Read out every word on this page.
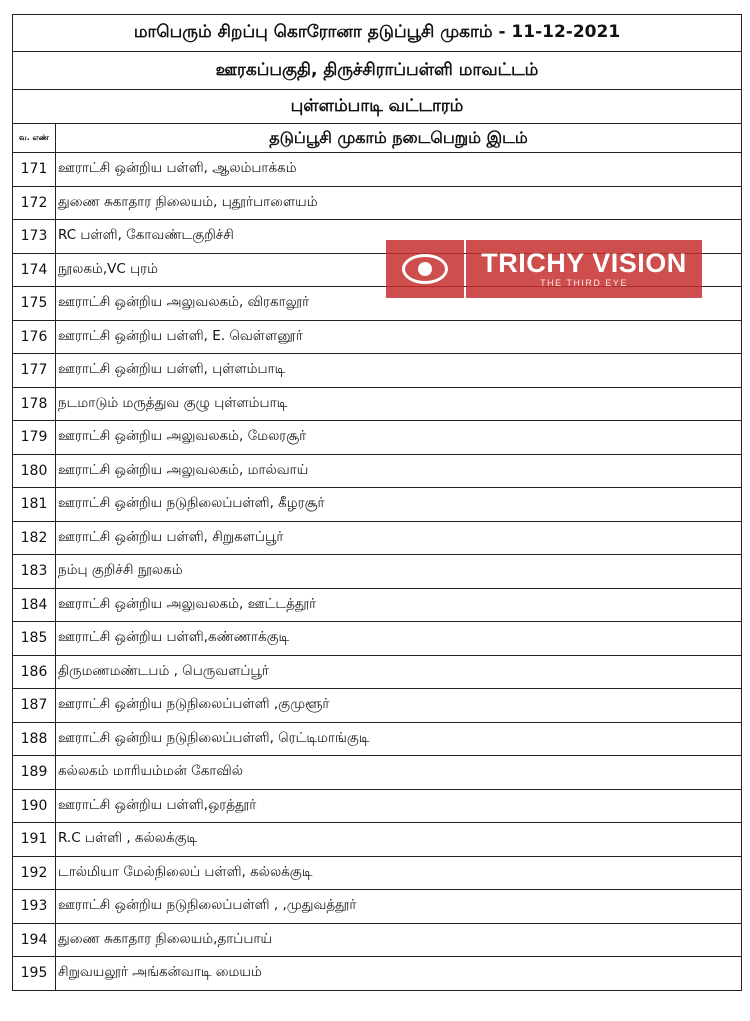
மாபெரும் சிறப்பு கொரோனா தடுப்பூசி முகாம் - 11-12-2021
ஊரகப்பகுதி, திருச்சிராப்பள்ளி மாவட்டம்
புள்ளம்பாடி வட்டாரம்
வ. எண்	தடுப்பூசி முகாம் நடைபெறும் இடம்
171	ஊராட்சி ஒன்றிய பள்ளி, ஆலம்பாக்கம்
172	துணை சுகாதார நிலையம், புதூர்பாளையம்
173	RC பள்ளி, கோவண்டகுறிச்சி
174	நூலகம்,VC புரம்
175	ஊராட்சி ஒன்றிய அலுவலகம், விரகாலூர்
176	ஊராட்சி ஒன்றிய பள்ளி, E. வெள்ளனூர்
177	ஊராட்சி ஒன்றிய பள்ளி, புள்ளம்பாடி
178	நடமாடும் மருத்துவ குழு புள்ளம்பாடி
179	ஊராட்சி ஒன்றிய அலுவலகம், மேலரசூர்
180	ஊராட்சி ஒன்றிய அலுவலகம், மால்வாய்
181	ஊராட்சி ஒன்றிய நடுநிலைப்பள்ளி, கீழரசூர்
182	ஊராட்சி ஒன்றிய பள்ளி, சிறுகளப்பூர்
183	நம்பு குறிச்சி நூலகம்
184	ஊராட்சி ஒன்றிய அலுவலகம், ஊட்டத்தூர்
185	ஊராட்சி ஒன்றிய பள்ளி,கண்ணாக்குடி
186	திருமணமண்டபம் , பெருவளப்பூர்
187	ஊராட்சி ஒன்றிய நடுநிலைப்பள்ளி ,குமுளூர்
188	ஊராட்சி ஒன்றிய நடுநிலைப்பள்ளி, ரெட்டிமாங்குடி
189	கல்லகம் மாரியம்மன் கோவில்
190	ஊராட்சி ஒன்றிய பள்ளி,ஒரத்தூர்
191	R.C பள்ளி , கல்லக்குடி
192	டால்மியா மேல்நிலைப் பள்ளி, கல்லக்குடி
193	ஊராட்சி ஒன்றிய நடுநிலைப்பள்ளி , ,முதுவத்தூர்
194	துணை சுகாதார நிலையம்,தாப்பாய்
195	சிறுவயலூர் அங்கன்வாடி மையம்
TRICHY VISION
THE THIRD EYE
